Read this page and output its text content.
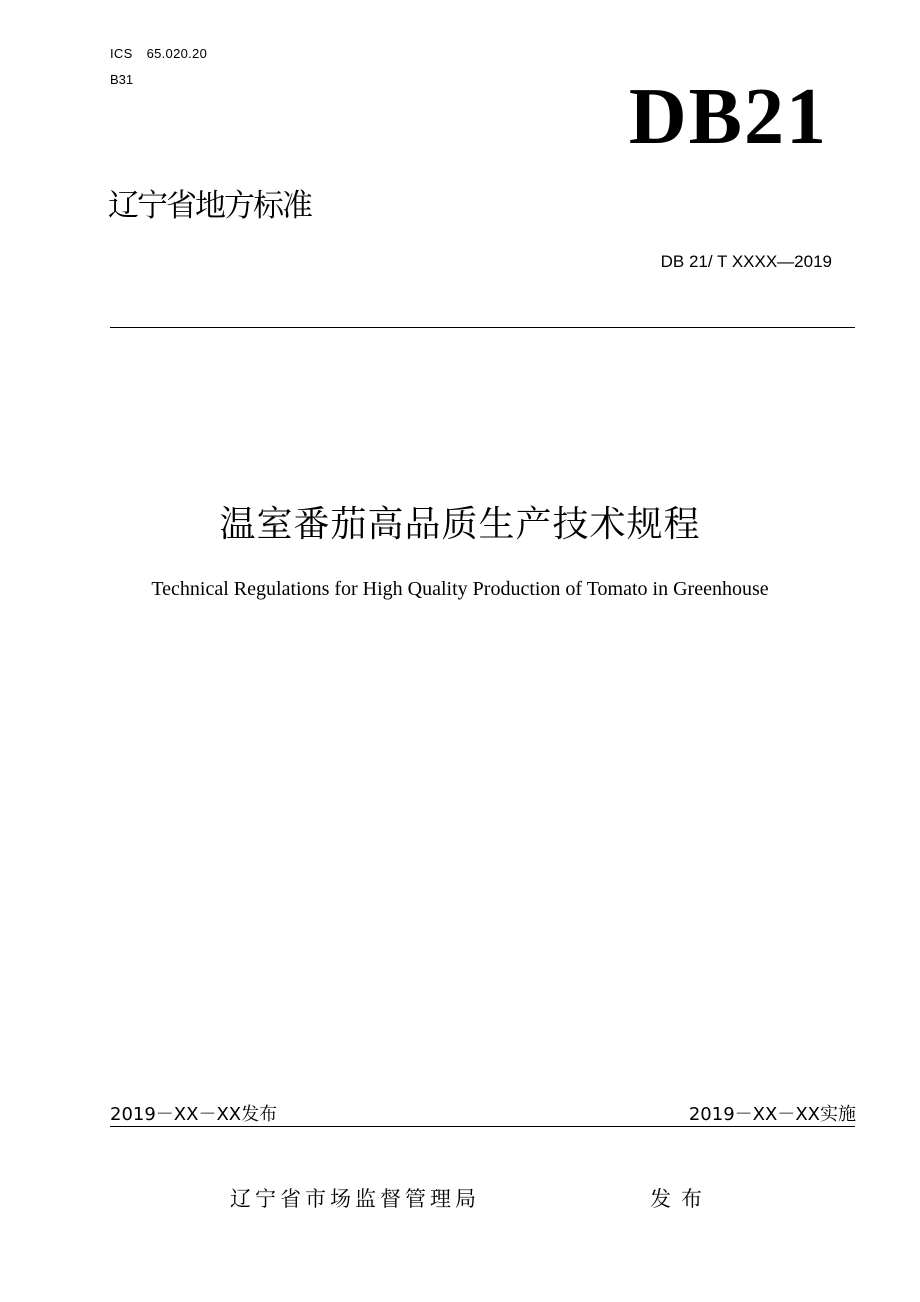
ICS 65.020.20
B31	DB21
辽宁省地方标准
DB 21/ T XXXX—2019
温室番茄高品质生产技术规程
Technical Regulations for High Quality Production of Tomato in Greenhouse
2019－XX－XX发布	2019－XX－XX实施
辽宁省市场监督管理局	发布
